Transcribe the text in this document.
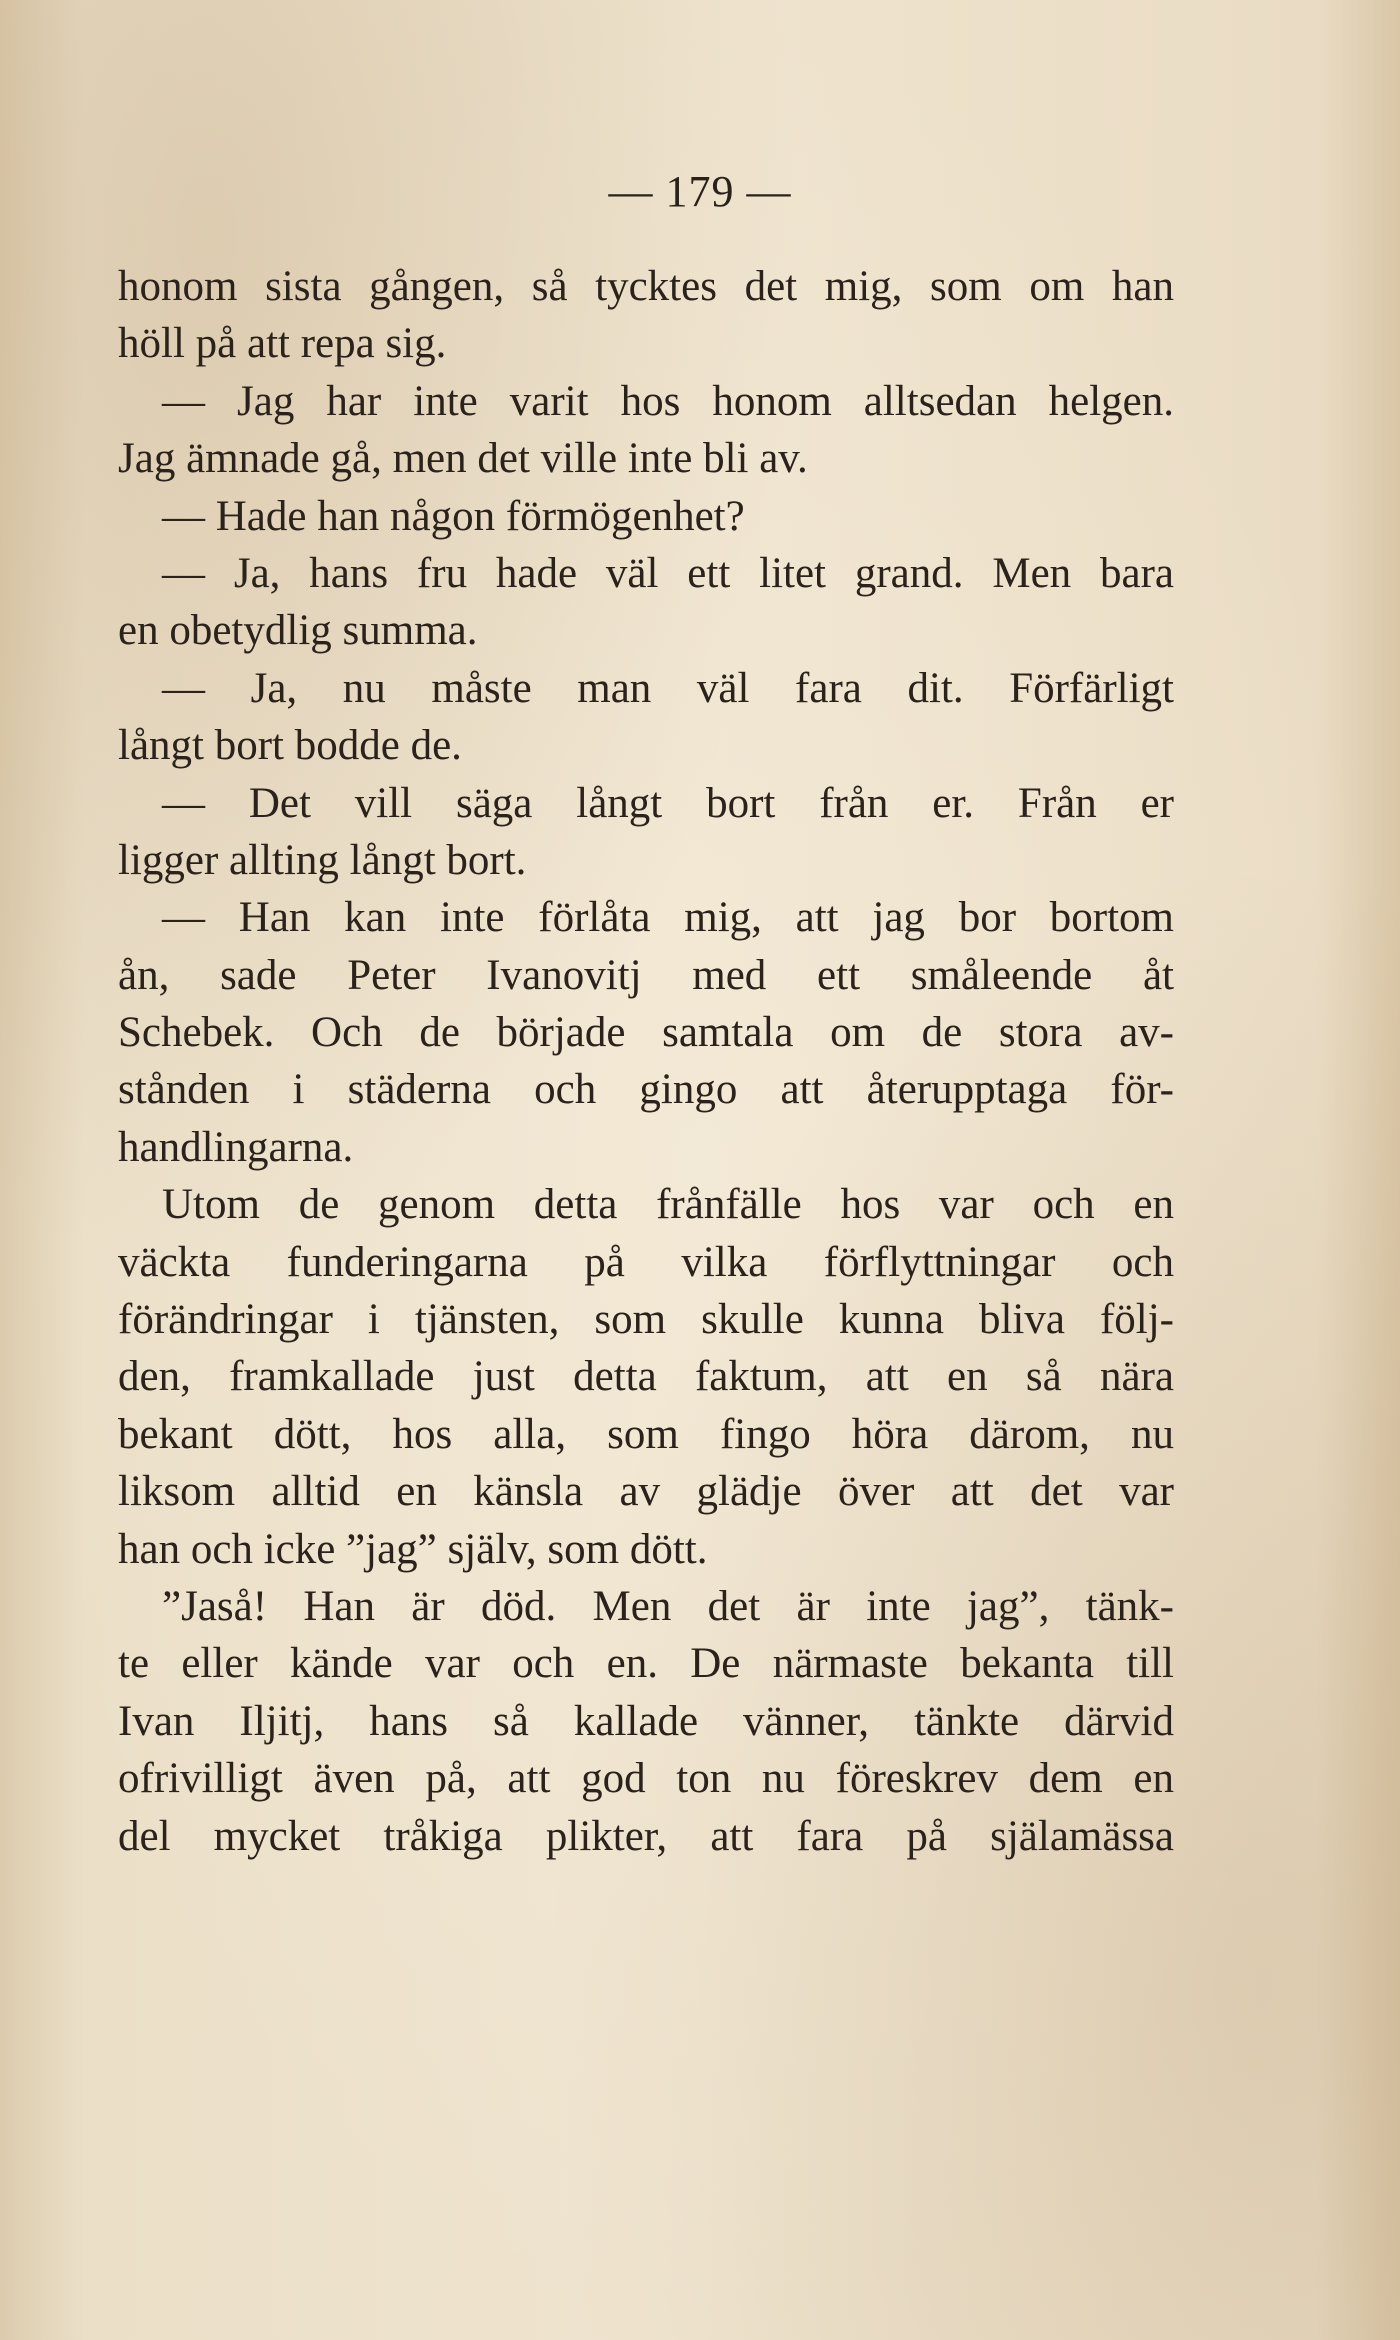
— 179 —
honom sista gången, så tycktes det mig, som om han
höll på att repa sig.
— Jag har inte varit hos honom alltsedan helgen.
Jag ämnade gå, men det ville inte bli av.
— Hade han någon förmögenhet?
— Ja, hans fru hade väl ett litet grand. Men bara
en obetydlig summa.
— Ja, nu måste man väl fara dit. Förfärligt
långt bort bodde de.
— Det vill säga långt bort från er. Från er
ligger allting långt bort.
— Han kan inte förlåta mig, att jag bor bortom
ån, sade Peter Ivanovitj med ett småleende åt
Schebek. Och de började samtala om de stora av-
stånden i städerna och gingo att återupptaga för-
handlingarna.
Utom de genom detta frånfälle hos var och en
väckta funderingarna på vilka förflyttningar och
förändringar i tjänsten, som skulle kunna bliva följ-
den, framkallade just detta faktum, att en så nära
bekant dött, hos alla, som fingo höra därom, nu
liksom alltid en känsla av glädje över att det var
han och icke ”jag” själv, som dött.
”Jaså! Han är död. Men det är inte jag”, tänk-
te eller kände var och en. De närmaste bekanta till
Ivan Iljitj, hans så kallade vänner, tänkte därvid
ofrivilligt även på, att god ton nu föreskrev dem en
del mycket tråkiga plikter, att fara på själamässa
